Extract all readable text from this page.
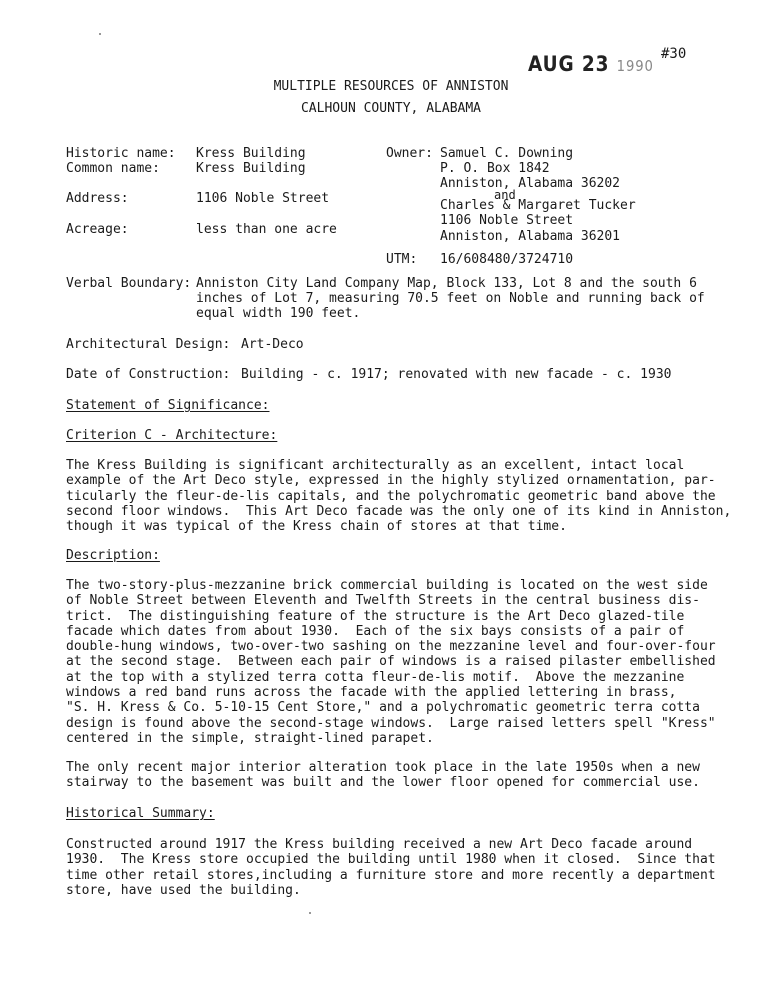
AUG 23 1990
#30
MULTIPLE RESOURCES OF ANNISTON
CALHOUN COUNTY, ALABAMA
Historic name: Kress Building
Common name:	Kress Building
Address:	1106 Noble Street
Acreage:	less than one acre
Owner: Samuel C. Downing
P. O. Box 1842
Anniston, Alabama 36202
and
Charles & Margaret Tucker
1106 Noble Street
Anniston, Alabama 36201
UTM: 16/608480/3724710
Verbal Boundary: Anniston City Land Company Map, Block 133, Lot 8 and the south 6
inches of Lot 7, measuring 70.5 feet on Noble and running back of
equal width 190 feet.
Architectural Design: Art-Deco
Date of Construction: Building - c. 1917; renovated with new facade - c. 1930
Statement of Significance:
Criterion C - Architecture:
The Kress Building is significant architecturally as an excellent, intact local
example of the Art Deco style, expressed in the highly stylized ornamentation, par-
ticularly the fleur-de-lis capitals, and the polychromatic geometric band above the
second floor windows.  This Art Deco facade was the only one of its kind in Anniston,
though it was typical of the Kress chain of stores at that time.
Description:
The two-story-plus-mezzanine brick commercial building is located on the west side
of Noble Street between Eleventh and Twelfth Streets in the central business dis-
trict.  The distinguishing feature of the structure is the Art Deco glazed-tile
facade which dates from about 1930.  Each of the six bays consists of a pair of
double-hung windows, two-over-two sashing on the mezzanine level and four-over-four
at the second stage.  Between each pair of windows is a raised pilaster embellished
at the top with a stylized terra cotta fleur-de-lis motif.  Above the mezzanine
windows a red band runs across the facade with the applied lettering in brass,
"S. H. Kress & Co. 5-10-15 Cent Store," and a polychromatic geometric terra cotta
design is found above the second-stage windows.  Large raised letters spell "Kress"
centered in the simple, straight-lined parapet.
The only recent major interior alteration took place in the late 1950s when a new
stairway to the basement was built and the lower floor opened for commercial use.
Historical Summary:
Constructed around 1917 the Kress building received a new Art Deco facade around
1930.  The Kress store occupied the building until 1980 when it closed.  Since that
time other retail stores,including a furniture store and more recently a department
store, have used the building.
